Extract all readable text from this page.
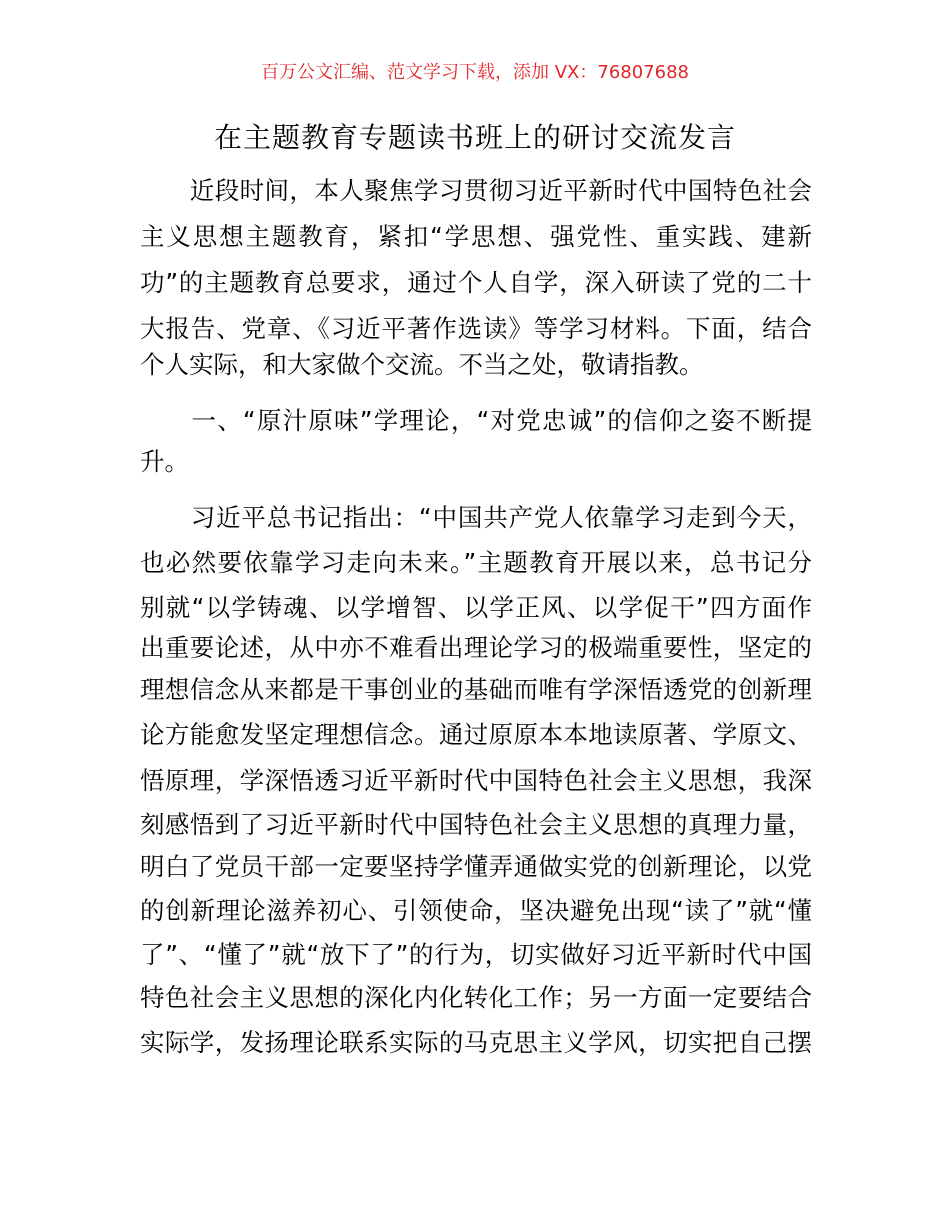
百万公文汇编、范文学习下载，添加 VX：76807688
在主题教育专题读书班上的研讨交流发言
　　近段时间，本人聚焦学习贯彻习近平新时代中国特色社会
主义思想主题教育，紧扣“学思想、强党性、重实践、建新
功”的主题教育总要求，通过个人自学，深入研读了党的二十
大报告、党章、《习近平著作选读》等学习材料。下面，结合
个人实际，和大家做个交流。不当之处，敬请指教。
　　一、“原汁原味”学理论，“对党忠诚”的信仰之姿不断提
升。
　　习近平总书记指出：“中国共产党人依靠学习走到今天，
也必然要依靠学习走向未来。”主题教育开展以来，总书记分
别就“以学铸魂、以学增智、以学正风、以学促干”四方面作
出重要论述，从中亦不难看出理论学习的极端重要性，坚定的
理想信念从来都是干事创业的基础而唯有学深悟透党的创新理
论方能愈发坚定理想信念。通过原原本本地读原著、学原文、
悟原理，学深悟透习近平新时代中国特色社会主义思想，我深
刻感悟到了习近平新时代中国特色社会主义思想的真理力量，
明白了党员干部一定要坚持学懂弄通做实党的创新理论，以党
的创新理论滋养初心、引领使命，坚决避免出现“读了”就“懂
了”、“懂了”就“放下了”的行为，切实做好习近平新时代中国
特色社会主义思想的深化内化转化工作；另一方面一定要结合
实际学，发扬理论联系实际的马克思主义学风，切实把自己摆
